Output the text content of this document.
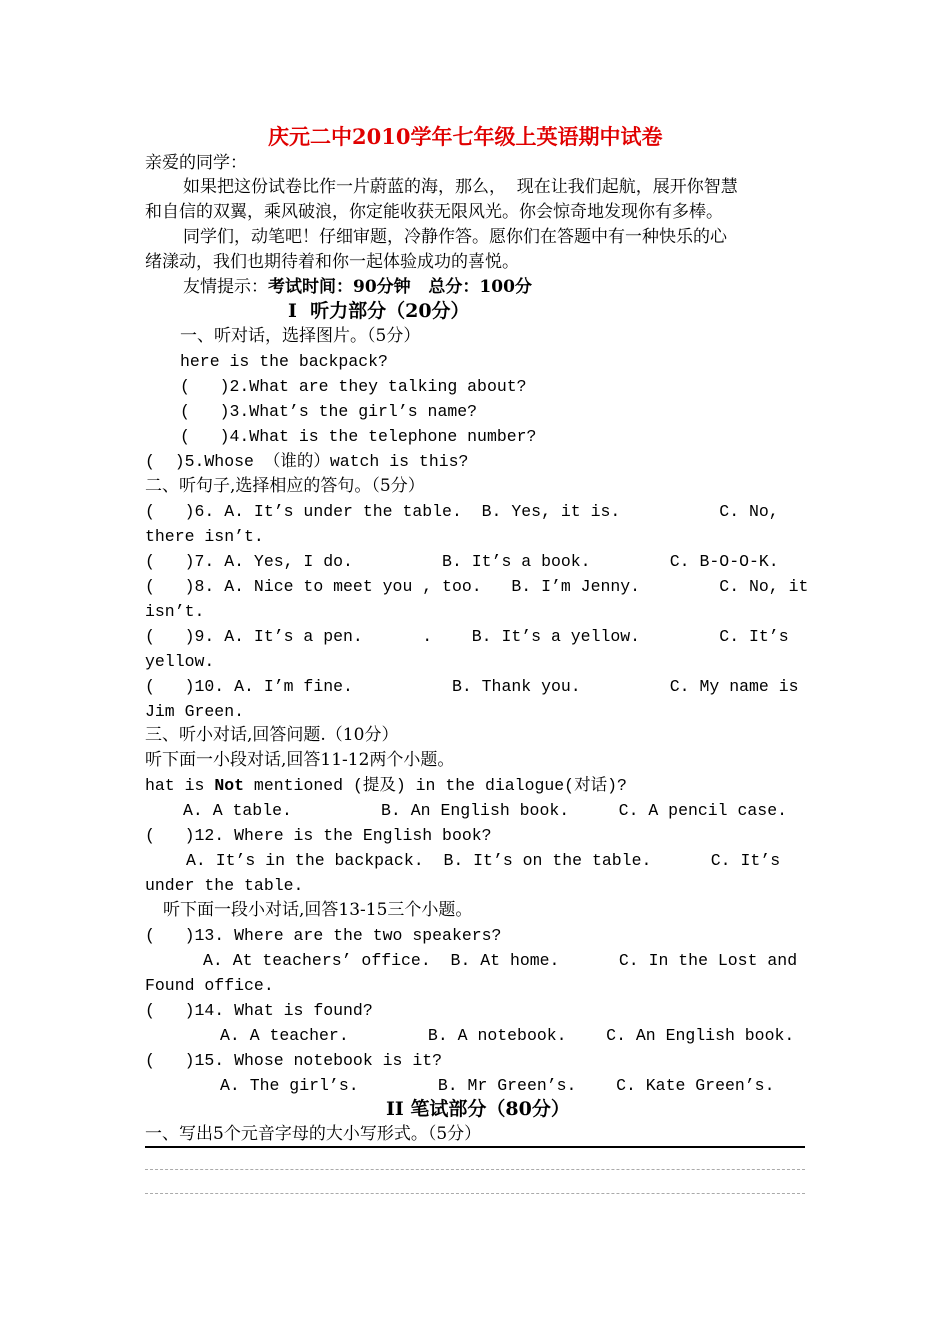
庆元二中2010学年七年级上英语期中试卷
亲爱的同学：
如果把这份试卷比作一片蔚蓝的海，那么，  现在让我们起航，展开你智慧
和自信的双翼，乘风破浪，你定能收获无限风光。你会惊奇地发现你有多棒。
同学们，动笔吧！仔细审题，冷静作答。愿你们在答题中有一种快乐的心
绪漾动，我们也期待着和你一起体验成功的喜悦。
友情提示：考试时间：90分钟   总分：100分
I  听力部分（20分）
一、听对话，选择图片。（5分）
here is the backpack?
(   )2.What are they talking about?
(   )3.What’s the girl’s name?
(   )4.What is the telephone number?
(  )5.Whose （谁的）watch is this?
二、听句子,选择相应的答句。（5分）
(   )6. A. It’s under the table.  B. Yes, it is.          C. No,
there isn’t.
(   )7. A. Yes, I do.         B. It’s a book.        C. B-O-O-K.
(   )8. A. Nice to meet you , too.   B. I’m Jenny.        C. No, it
isn’t.
(   )9. A. It’s a pen.      .    B. It’s a yellow.        C. It’s
yellow.
(   )10. A. I’m fine.          B. Thank you.         C. My name is
Jim Green.
三、听小对话,回答问题.（10分）
听下面一小段对话,回答11-12两个小题。
hat is Not mentioned (提及) in the dialogue(对话)?
A. A table.         B. An English book.     C. A pencil case.
(   )12. Where is the English book?
A. It’s in the backpack.  B. It’s on the table.      C. It’s
under the table.
听下面一段小对话,回答13-15三个小题。
(   )13. Where are the two speakers?
A. At teachers’ office.  B. At home.      C. In the Lost and
Found office.
(   )14. What is found?
A. A teacher.        B. A notebook.    C. An English book.
(   )15. Whose notebook is it?
A. The girl’s.        B. Mr Green’s.    C. Kate Green’s.
II 笔试部分（80分）
一、写出5个元音字母的大小写形式。（5分）
